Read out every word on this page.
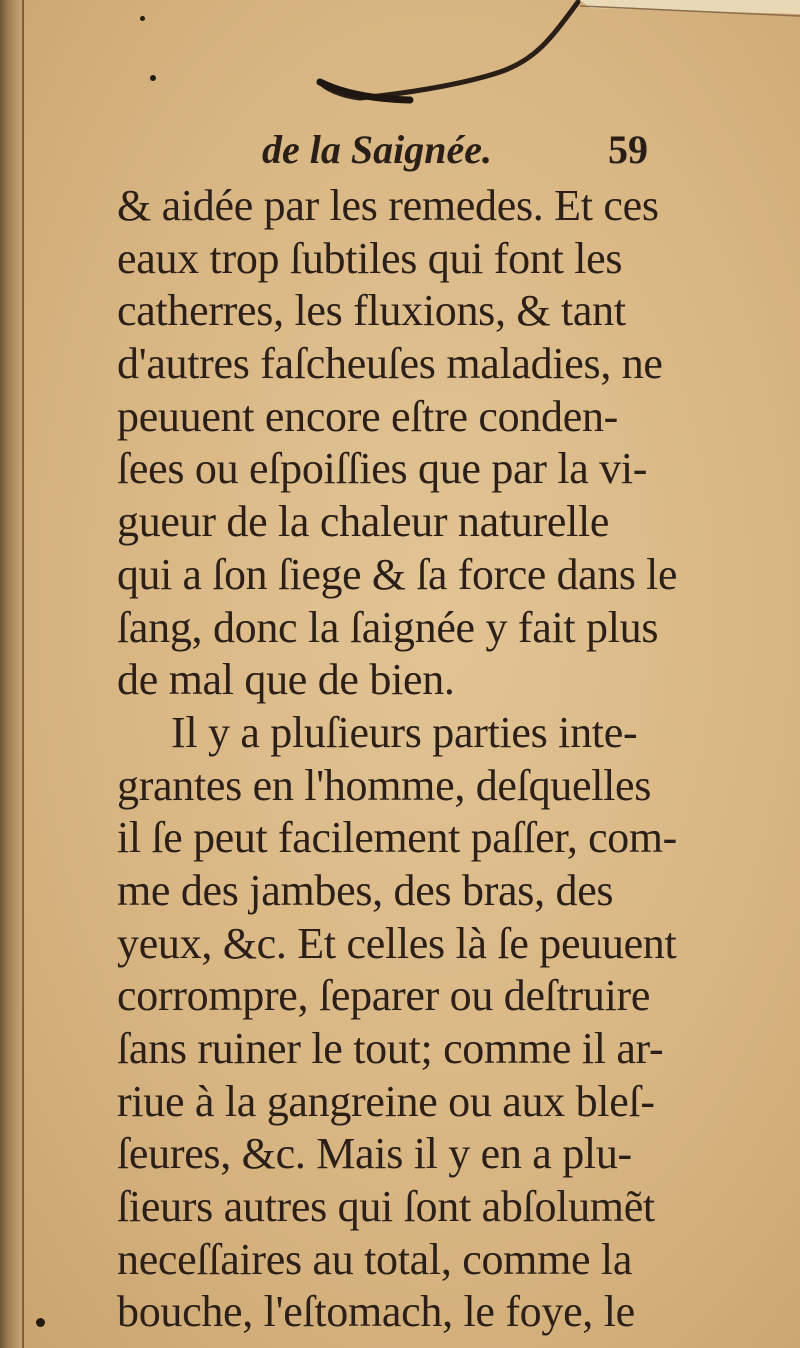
de la Saignée.	59
& aidée par les remedes. Et ces
eaux trop ſubtiles qui font les
catherres, les fluxions, & tant
d'autres faſcheuſes maladies, ne
peuuent encore eſtre conden-
ſees ou eſpoiſſies que par la vi-
gueur de la chaleur naturelle
qui a ſon ſiege & ſa force dans le
ſang, donc la ſaignée y fait plus
de mal que de bien.
Il y a pluſieurs parties inte-
grantes en l'homme, deſquelles
il ſe peut facilement paſſer, com-
me des jambes, des bras, des
yeux, &c. Et celles là ſe peuuent
corrompre, ſeparer ou deſtruire
ſans ruiner le tout; comme il ar-
riue à la gangreine ou aux bleſ-
ſeures, &c. Mais il y en a plu-
ſieurs autres qui ſont abſolumẽt
neceſſaires au total, comme la
bouche, l'eſtomach, le foye, le
